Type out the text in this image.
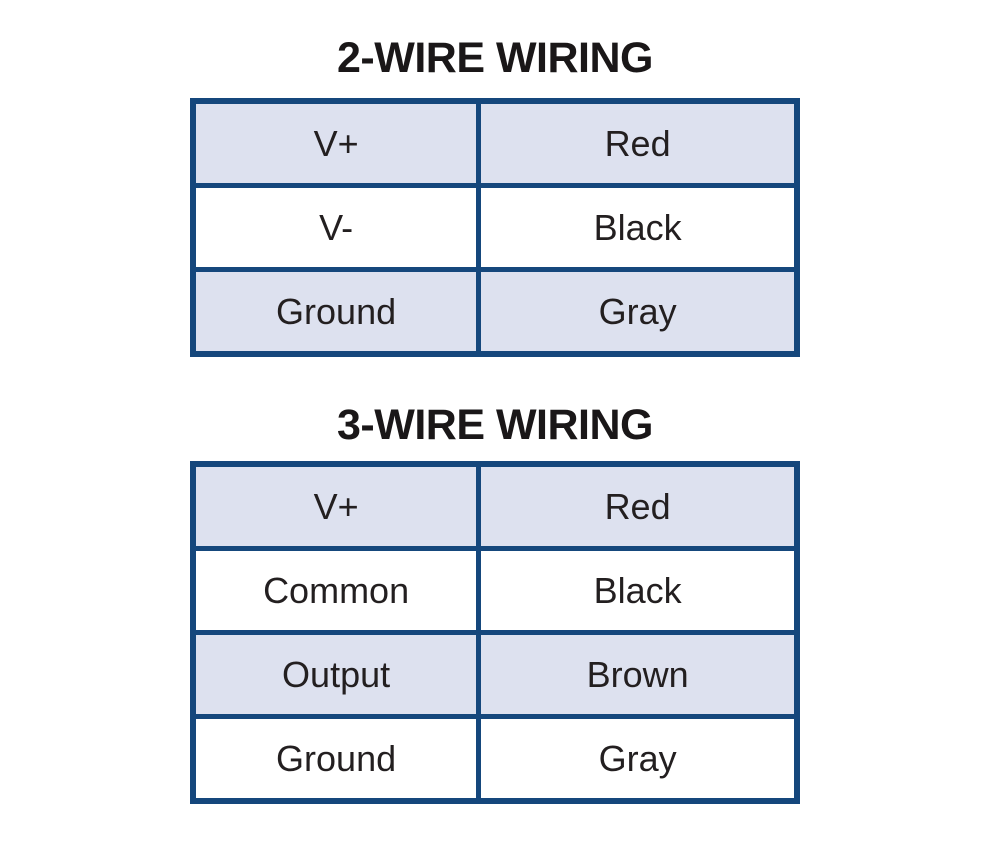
2-WIRE WIRING
V+	Red
V-	Black
Ground	Gray
3-WIRE WIRING
V+	Red
Common	Black
Output	Brown
Ground	Gray
